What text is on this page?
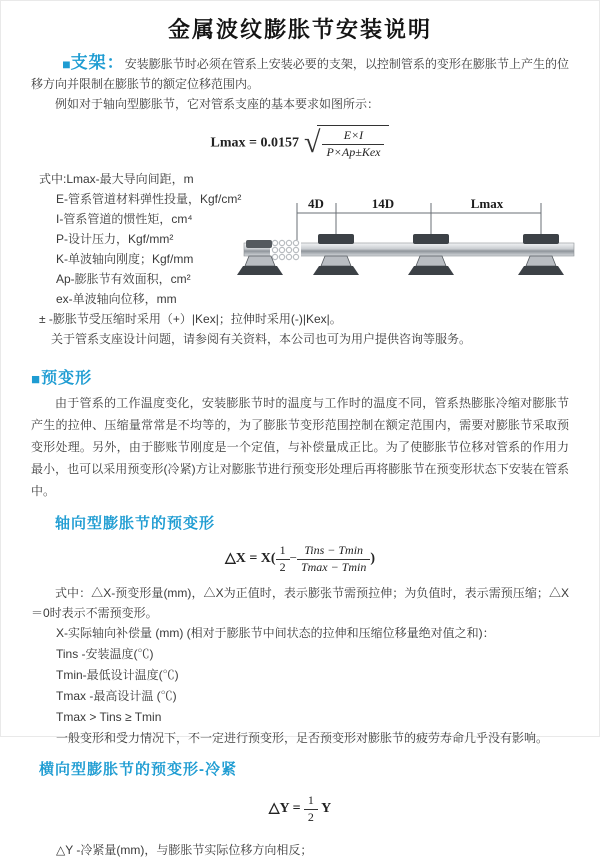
金属波纹膨胀节安装说明

■支架：安装膨胀节时必须在管系上安装必要的支架，以控制管系的变形在膨胀节上产生的位移方向并限制在膨胀节的额定位移范围内。

例如对于轴向型膨胀节，它对管系支座的基本要求如图所示：

Lmax = 0.0157 √ $\frac{E\times I}{\text{P×Ap±Kex}}$
式中:Lmax-最大导向间距，m
E-管系管道材料弹性投量，Kgf/cm²
I-管系管道的惯性矩，cm⁴
P-设计压力，Kgf/mm²
K-单波轴向刚度；Kgf/mm
Ap-膨胀节有效面积，cm²
ex-单波轴向位移，mm
± -膨胀节受压缩时采用（+）|Kex|；拉伸时采用(-)|Kex|。
关于管系支座设计问题，请参阅有关资料，本公司也可为用户提供咨询等服务。
■预变形

由于管系的工作温度变化，安装膨胀节时的温度与工作时的温度不同，管系热膨胀冷缩对膨胀节产生的拉伸、压缩量常常是不均等的，为了膨胀节变形范围控制在额定范围内，需要对膨胀节采取预变形处理。另外，由于膨账节刚度是一个定值，与补偿量成正比。为了使膨胀节位移对管系的作用力最小，也可以采用预变形(冷紧)方让对膨胀节进行预变形处理后再将膨胀节在预变形状态下安装在管系中。

轴向型膨胀节的预变形
△X = $X( \frac{1}{2} - \frac{\text{Tins − Tmin}}{Tmax - Tmin}$ )

式中：△X-预变形量(mm)，△X为正值时，表示膨张节需预拉伸；为负值时，表示需预压缩；△X＝0时表示不需预变形。

X-实际轴向补偿量 (mm) (相对于膨胀节中间状态的拉伸和压缩位移量绝对值之和)：
Tins -安装温度(℃)
Tmin-最低设计温度(℃)
Tmax -最高设计温 (℃)
Tmax > Tins ≥ Tmin
一般变形和受力情况下，不一定进行预变形，足否预变形对膨胀节的疲劳寿命几乎没有影响。
横向型膨胀节的预变形-冷紧
△Y = $\frac{1}{2}$ Y
△Y -冷紧量(mm)，与膨胀节实际位移方向相反；
4D	14D	Lmax
